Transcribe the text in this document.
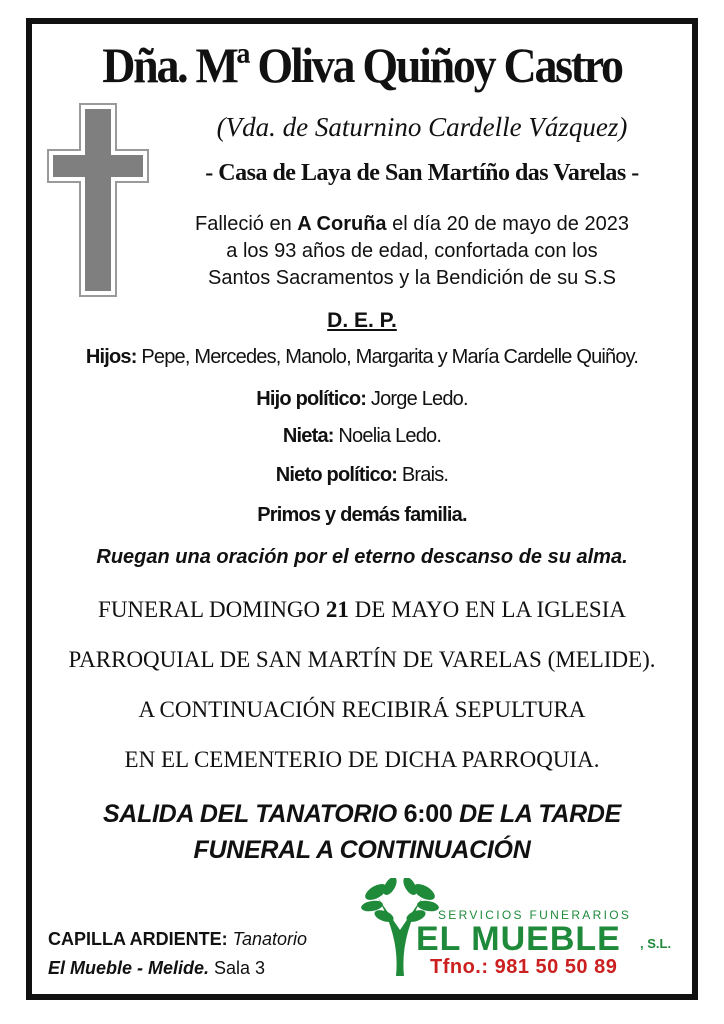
Dña. Mª Oliva Quiñoy Castro
(Vda. de Saturnino Cardelle Vázquez)
- Casa de Laya de San Martíño das Varelas -
Falleció en A Coruña el día 20 de mayo de 2023
a los 93 años de edad, confortada con los
Santos Sacramentos y la Bendición de su S.S
D. E. P.
Hijos: Pepe, Mercedes, Manolo, Margarita y María Cardelle Quiñoy.
Hijo político: Jorge Ledo.
Nieta: Noelia Ledo.
Nieto político: Brais.
Primos y demás familia.
Ruegan una oración por el eterno descanso de su alma.
FUNERAL DOMINGO 21 DE MAYO EN LA IGLESIA
PARROQUIAL DE SAN MARTÍN DE VARELAS (MELIDE).
A CONTINUACIÓN RECIBIRÁ SEPULTURA
EN EL CEMENTERIO DE DICHA PARROQUIA.
SALIDA DEL TANATORIO 6:00 DE LA TARDE
FUNERAL A CONTINUACIÓN
CAPILLA ARDIENTE: Tanatorio
El Mueble - Melide. Sala 3
SERVICIOS FUNERARIOS
EL MUEBLE , S.L.
Tfno.: 981 50 50 89
